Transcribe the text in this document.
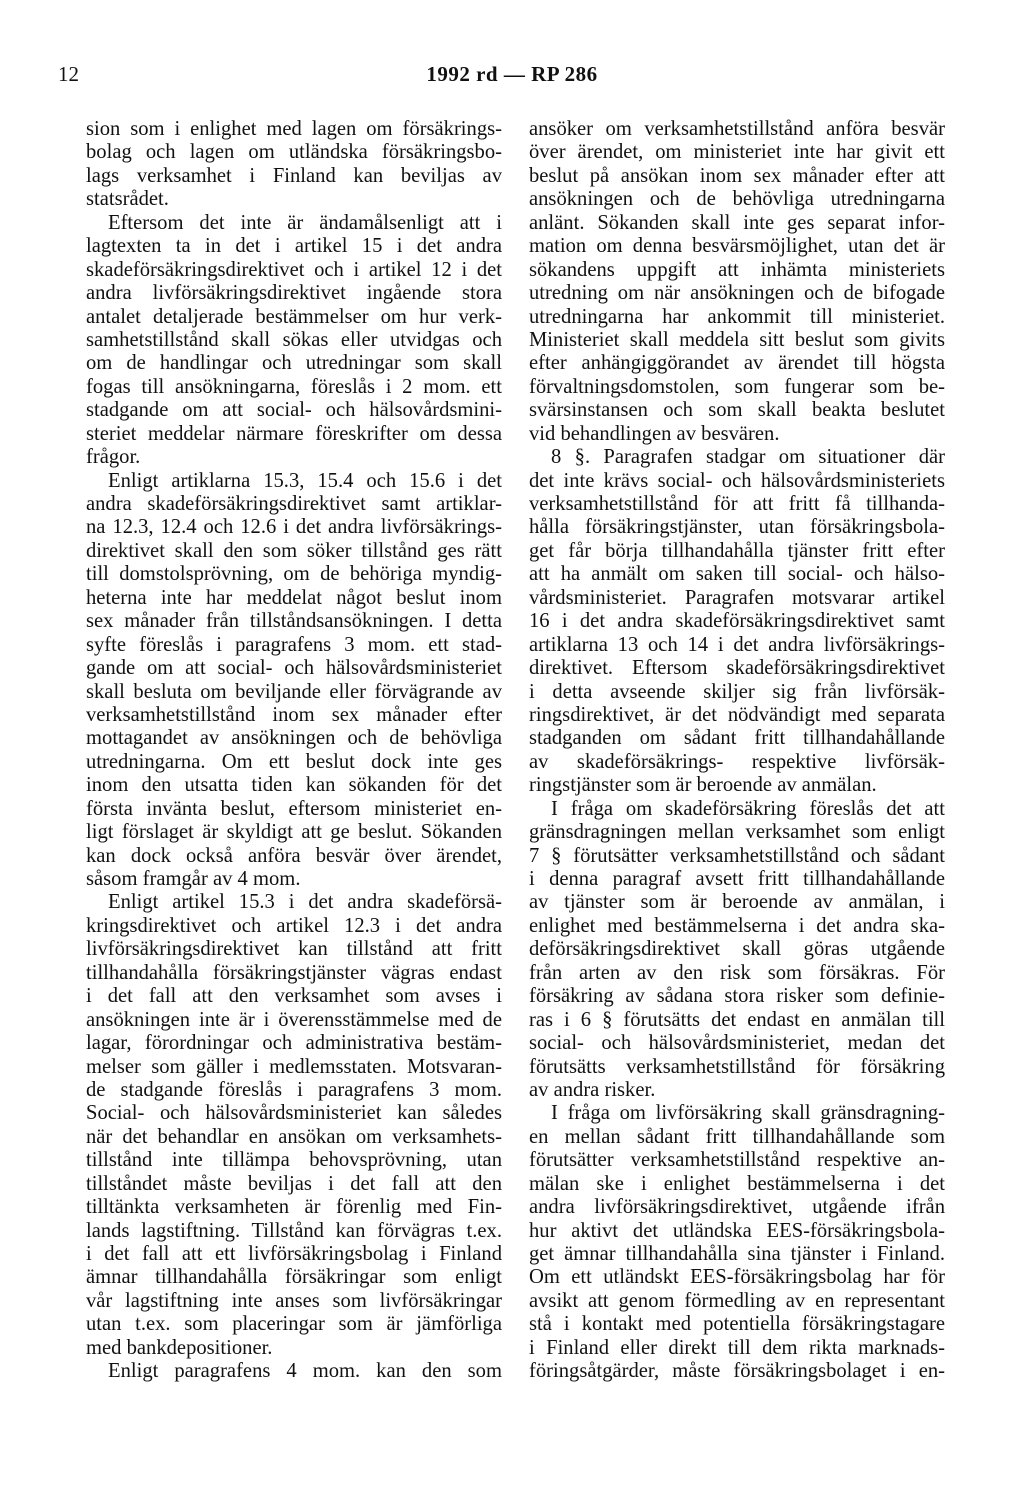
12	1992 rd — RP 286
sion som i enlighet med lagen om försäkrings-
bolag och lagen om utländska försäkringsbo-
lags verksamhet i Finland kan beviljas av
statsrådet.
Eftersom det inte är ändamålsenligt att i
lagtexten ta in det i artikel 15 i det andra
skadeförsäkringsdirektivet och i artikel 12 i det
andra livförsäkringsdirektivet ingående stora
antalet detaljerade bestämmelser om hur verk-
samhetstillstånd skall sökas eller utvidgas och
om de handlingar och utredningar som skall
fogas till ansökningarna, föreslås i 2 mom. ett
stadgande om att social- och hälsovårdsmini-
steriet meddelar närmare föreskrifter om dessa
frågor.
Enligt artiklarna 15.3, 15.4 och 15.6 i det
andra skadeförsäkringsdirektivet samt artiklar-
na 12.3, 12.4 och 12.6 i det andra livförsäkrings-
direktivet skall den som söker tillstånd ges rätt
till domstolsprövning, om de behöriga myndig-
heterna inte har meddelat något beslut inom
sex månader från tillståndsansökningen. I detta
syfte föreslås i paragrafens 3 mom. ett stad-
gande om att social- och hälsovårdsministeriet
skall besluta om beviljande eller förvägrande av
verksamhetstillstånd inom sex månader efter
mottagandet av ansökningen och de behövliga
utredningarna. Om ett beslut dock inte ges
inom den utsatta tiden kan sökanden för det
första invänta beslut, eftersom ministeriet en-
ligt förslaget är skyldigt att ge beslut. Sökanden
kan dock också anföra besvär över ärendet,
såsom framgår av 4 mom.
Enligt artikel 15.3 i det andra skadeförsä-
kringsdirektivet och artikel 12.3 i det andra
livförsäkringsdirektivet kan tillstånd att fritt
tillhandahålla försäkringstjänster vägras endast
i det fall att den verksamhet som avses i
ansökningen inte är i överensstämmelse med de
lagar, förordningar och administrativa bestäm-
melser som gäller i medlemsstaten. Motsvaran-
de stadgande föreslås i paragrafens 3 mom.
Social- och hälsovårdsministeriet kan således
när det behandlar en ansökan om verksamhets-
tillstånd inte tillämpa behovsprövning, utan
tillståndet måste beviljas i det fall att den
tilltänkta verksamheten är förenlig med Fin-
lands lagstiftning. Tillstånd kan förvägras t.ex.
i det fall att ett livförsäkringsbolag i Finland
ämnar tillhandahålla försäkringar som enligt
vår lagstiftning inte anses som livförsäkringar
utan t.ex. som placeringar som är jämförliga
med bankdepositioner.
Enligt paragrafens 4 mom. kan den som
ansöker om verksamhetstillstånd anföra besvär
över ärendet, om ministeriet inte har givit ett
beslut på ansökan inom sex månader efter att
ansökningen och de behövliga utredningarna
anlänt. Sökanden skall inte ges separat infor-
mation om denna besvärsmöjlighet, utan det är
sökandens uppgift att inhämta ministeriets
utredning om när ansökningen och de bifogade
utredningarna har ankommit till ministeriet.
Ministeriet skall meddela sitt beslut som givits
efter anhängiggörandet av ärendet till högsta
förvaltningsdomstolen, som fungerar som be-
svärsinstansen och som skall beakta beslutet
vid behandlingen av besvären.
8 §. Paragrafen stadgar om situationer där
det inte krävs social- och hälsovårdsministeriets
verksamhetstillstånd för att fritt få tillhanda-
hålla försäkringstjänster, utan försäkringsbola-
get får börja tillhandahålla tjänster fritt efter
att ha anmält om saken till social- och hälso-
vårdsministeriet. Paragrafen motsvarar artikel
16 i det andra skadeförsäkringsdirektivet samt
artiklarna 13 och 14 i det andra livförsäkrings-
direktivet. Eftersom skadeförsäkringsdirektivet
i detta avseende skiljer sig från livförsäk-
ringsdirektivet, är det nödvändigt med separata
stadganden om sådant fritt tillhandahållande
av skadeförsäkrings- respektive livförsäk-
ringstjänster som är beroende av anmälan.
I fråga om skadeförsäkring föreslås det att
gränsdragningen mellan verksamhet som enligt
7 § förutsätter verksamhetstillstånd och sådant
i denna paragraf avsett fritt tillhandahållande
av tjänster som är beroende av anmälan, i
enlighet med bestämmelserna i det andra ska-
deförsäkringsdirektivet skall göras utgående
från arten av den risk som försäkras. För
försäkring av sådana stora risker som definie-
ras i 6 § förutsätts det endast en anmälan till
social- och hälsovårdsministeriet, medan det
förutsätts verksamhetstillstånd för försäkring
av andra risker.
I fråga om livförsäkring skall gränsdragning-
en mellan sådant fritt tillhandahållande som
förutsätter verksamhetstillstånd respektive an-
mälan ske i enlighet bestämmelserna i det
andra livförsäkringsdirektivet, utgående ifrån
hur aktivt det utländska EES-försäkringsbola-
get ämnar tillhandahålla sina tjänster i Finland.
Om ett utländskt EES-försäkringsbolag har för
avsikt att genom förmedling av en representant
stå i kontakt med potentiella försäkringstagare
i Finland eller direkt till dem rikta marknads-
föringsåtgärder, måste försäkringsbolaget i en-
